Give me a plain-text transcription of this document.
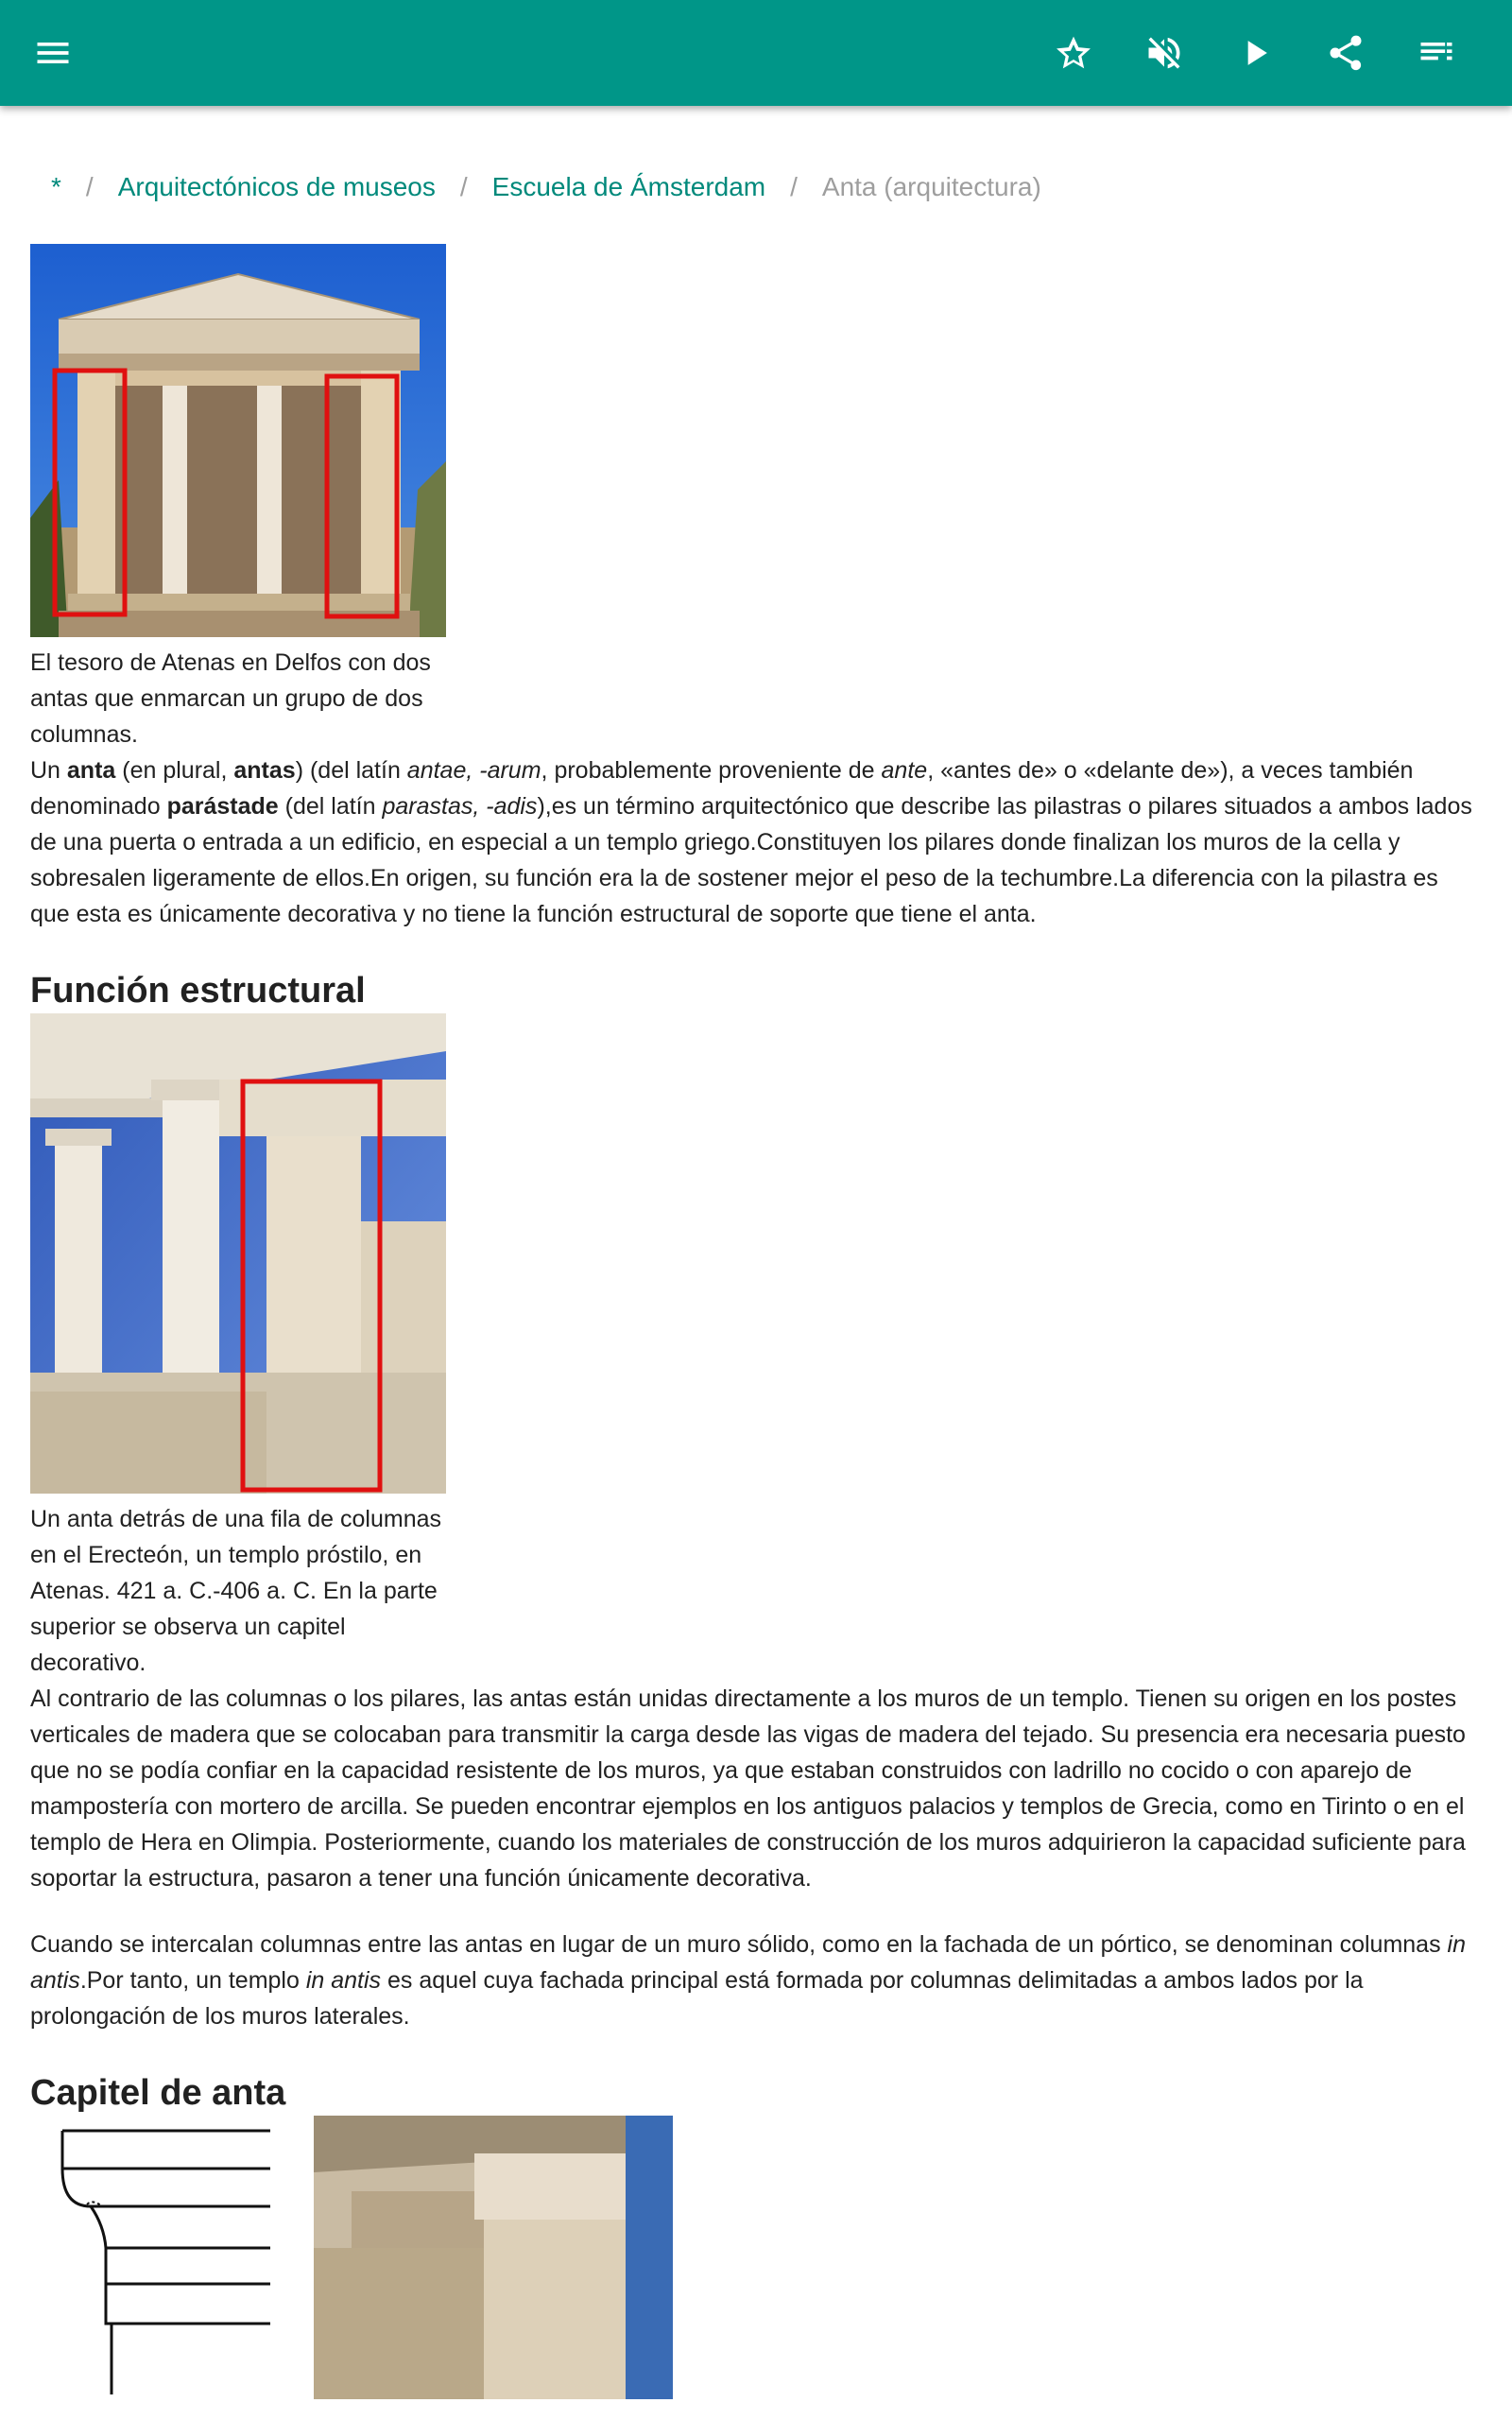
* / Arquitectónicos de museos / Escuela de Ámsterdam / Anta (arquitectura)
El tesoro de Atenas en Delfos con dos antas que enmarcan un grupo de dos columnas.

Un anta (en plural, antas) (del latín antae, -arum, probablemente proveniente de ante, «antes de» o «delante de»), a veces también denominado parástade (del latín parastas, -adis),es un término arquitectónico que describe las pilastras o pilares situados a ambos lados de una puerta o entrada a un edificio, en especial a un templo griego.Constituyen los pilares donde finalizan los muros de la cella y sobresalen ligeramente de ellos.En origen, su función era la de sostener mejor el peso de la techumbre.La diferencia con la pilastra es que esta es únicamente decorativa y no tiene la función estructural de soporte que tiene el anta.

Función estructural
Un anta detrás de una fila de columnas en el Erecteón, un templo próstilo, en Atenas. 421 a. C.-406 a. C. En la parte superior se observa un capitel decorativo.

Al contrario de las columnas o los pilares, las antas están unidas directamente a los muros de un templo. Tienen su origen en los postes verticales de madera que se colocaban para transmitir la carga desde las vigas de madera del tejado. Su presencia era necesaria puesto que no se podía confiar en la capacidad resistente de los muros, ya que estaban construidos con ladrillo no cocido o con aparejo de mampostería con mortero de arcilla. Se pueden encontrar ejemplos en los antiguos palacios y templos de Grecia, como en Tirinto o en el templo de Hera en Olimpia. Posteriormente, cuando los materiales de construcción de los muros adquirieron la capacidad suficiente para soportar la estructura, pasaron a tener una función únicamente decorativa.

Cuando se intercalan columnas entre las antas en lugar de un muro sólido, como en la fachada de un pórtico, se denominan columnas in antis.Por tanto, un templo in antis es aquel cuya fachada principal está formada por columnas delimitadas a ambos lados por la prolongación de los muros laterales.

Capitel de anta
